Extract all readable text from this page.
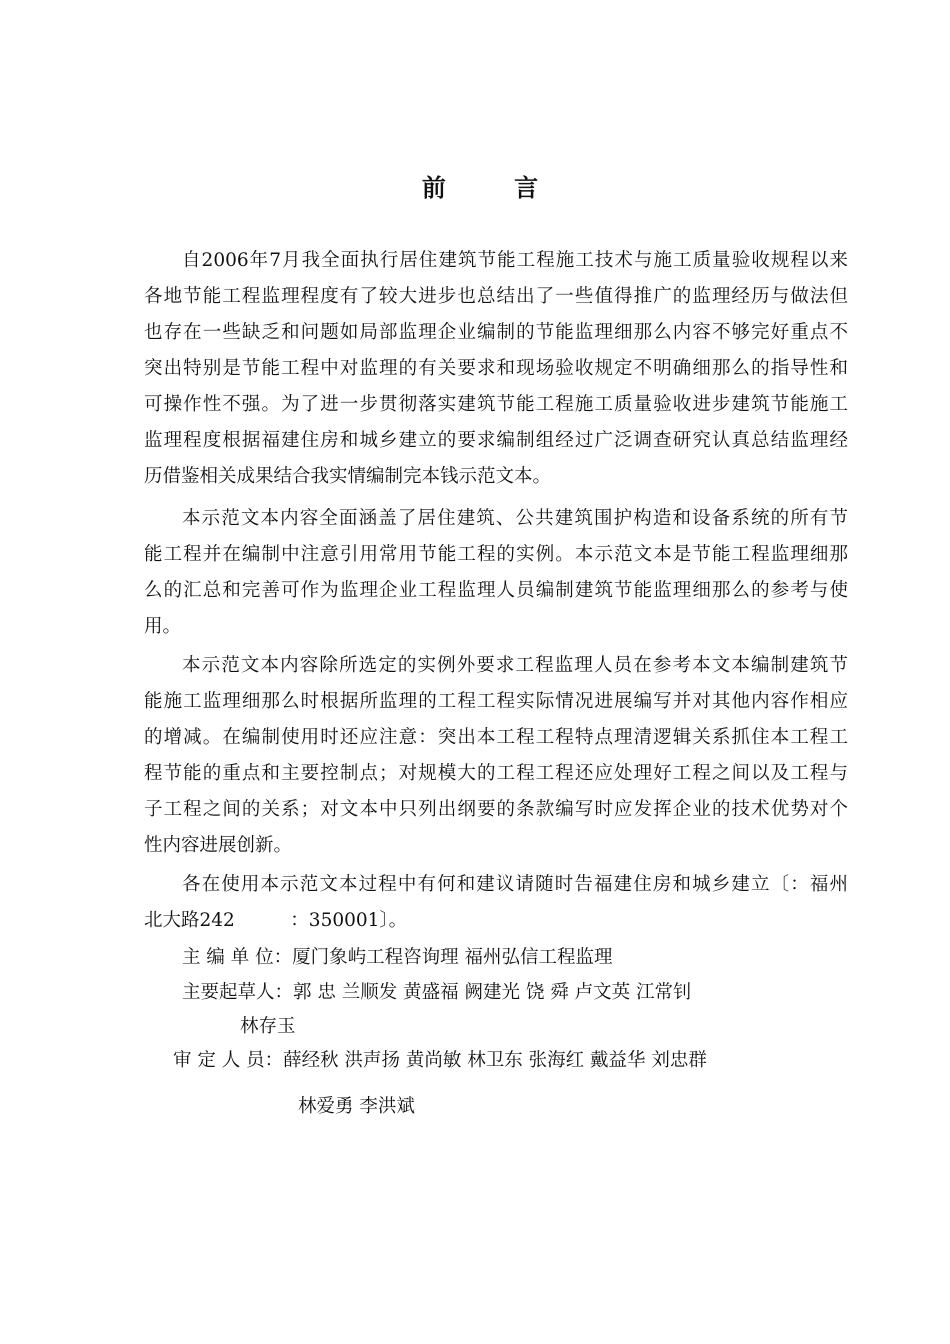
前 言
自2006年7月我全面执行居住建筑节能工程施工技术与施工质量验收规程以来
各地节能工程监理程度有了较大进步也总结出了一些值得推广的监理经历与做法但
也存在一些缺乏和问题如局部监理企业编制的节能监理细那么内容不够完好重点不
突出特别是节能工程中对监理的有关要求和现场验收规定不明确细那么的指导性和
可操作性不强。为了进一步贯彻落实建筑节能工程施工质量验收进步建筑节能施工
监理程度根据福建住房和城乡建立的要求编制组经过广泛调查研究认真总结监理经
历借鉴相关成果结合我实情编制完本钱示范文本。
本示范文本内容全面涵盖了居住建筑、公共建筑围护构造和设备系统的所有节
能工程并在编制中注意引用常用节能工程的实例。本示范文本是节能工程监理细那
么的汇总和完善可作为监理企业工程监理人员编制建筑节能监理细那么的参考与使
用。
本示范文本内容除所选定的实例外要求工程监理人员在参考本文本编制建筑节
能施工监理细那么时根据所监理的工程工程实际情况进展编写并对其他内容作相应
的增减。在编制使用时还应注意：突出本工程工程特点理清逻辑关系抓住本工程工
程节能的重点和主要控制点；对规模大的工程工程还应处理好工程之间以及工程与
子工程之间的关系；对文本中只列出纲要的条款编写时应发挥企业的技术优势对个
性内容进展创新。
各在使用本示范文本过程中有何和建议请随时告福建住房和城乡建立〔：福州
北大路242　　　：350001〕。
主 编 单 位：厦门象屿工程咨询理 福州弘信工程监理
主要起草人：郭 忠 兰顺发 黄盛福 阙建光 饶 舜 卢文英 江常钊
林存玉
审 定 人 员：薛经秋 洪声扬 黄尚敏 林卫东 张海红 戴益华 刘忠群
林爱勇 李洪斌
